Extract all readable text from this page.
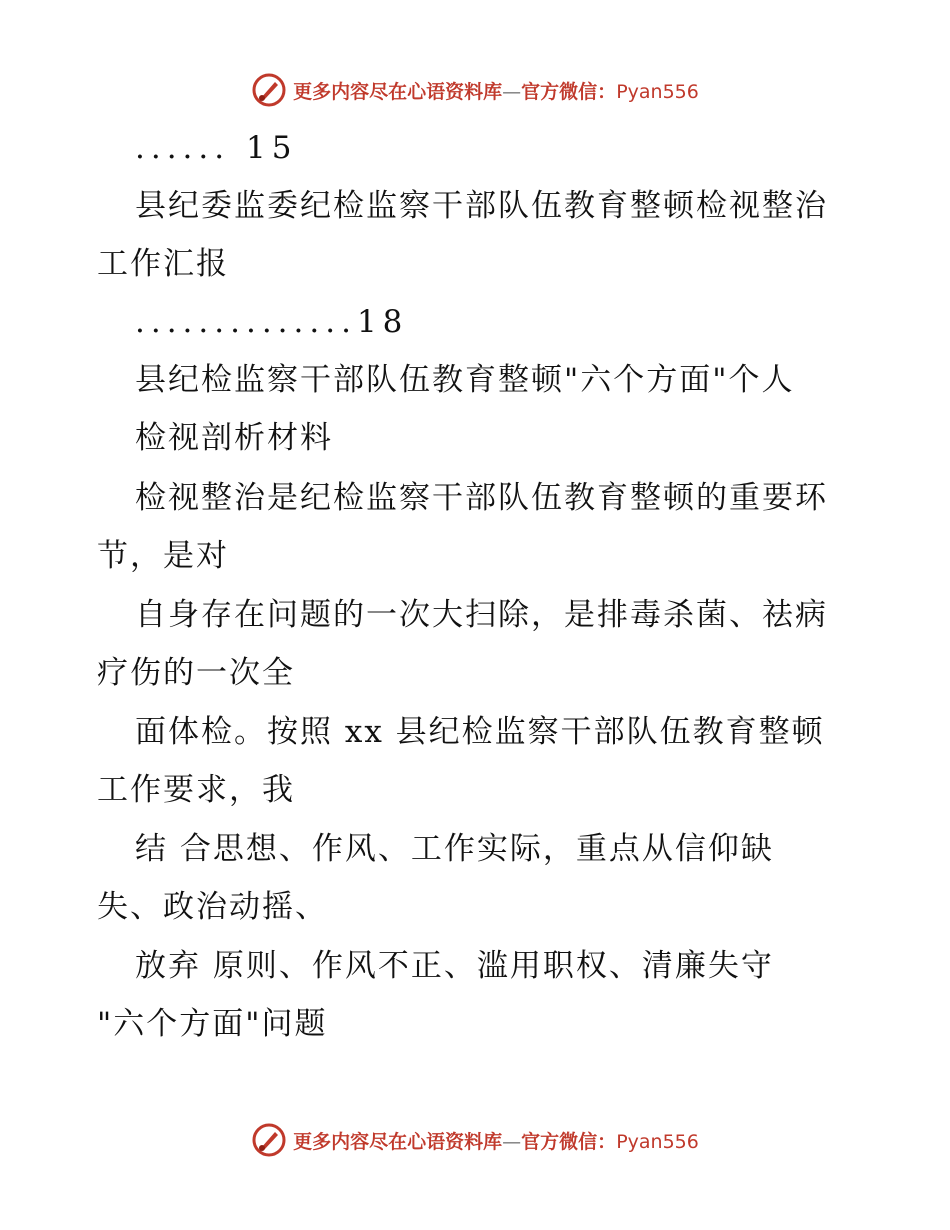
更多内容尽在心语资料库—官方微信：Pyan556
...... 15
县纪委监委纪检监察干部队伍教育整顿检视整治
工作汇报
..............18
县纪检监察干部队伍教育整顿"六个方面"个人
检视剖析材料
检视整治是纪检监察干部队伍教育整顿的重要环
节，是对
自身存在问题的一次大扫除，是排毒杀菌、祛病
疗伤的一次全
面体检。按照 xx 县纪检监察干部队伍教育整顿
工作要求，我
结 合思想、作风、工作实际，重点从信仰缺
失、政治动摇、
放弃 原则、作风不正、滥用职权、清廉失守
"六个方面"问题
更多内容尽在心语资料库—官方微信：Pyan556
